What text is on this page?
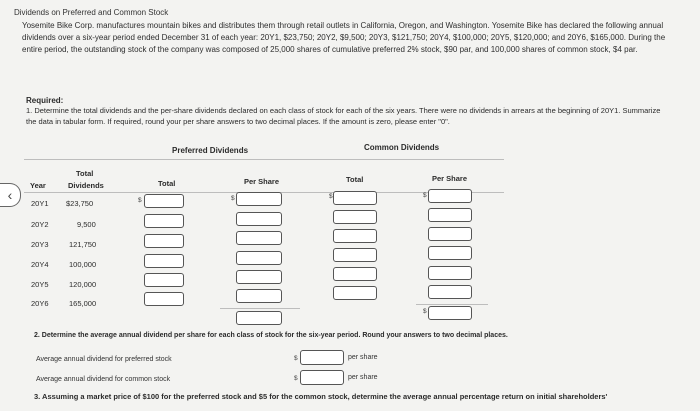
Dividends on Preferred and Common Stock
Yosemite Bike Corp. manufactures mountain bikes and distributes them through retail outlets in California, Oregon, and Washington. Yosemite Bike has declared the following annual dividends over a six-year period ended December 31 of each year: 20Y1, $23,750; 20Y2, $9,500; 20Y3, $121,750; 20Y4, $100,000; 20Y5, $120,000; and 20Y6, $165,000. During the entire period, the outstanding stock of the company was composed of 25,000 shares of cumulative preferred 2% stock, $90 par, and 100,000 shares of common stock, $4 par.
Required:
1. Determine the total dividends and the per-share dividends declared on each class of stock for each of the six years. There were no dividends in arrears at the beginning of 20Y1. Summarize the data in tabular form. If required, round your per share answers to two decimal places. If the amount is zero, please enter "0".
‹
Preferred Dividends	Common Dividends
Total
Year	Dividends	Total	Per Share	Total	Per Share
20Y1 $23,750
20Y2	9,500
20Y3	121,750
20Y4	100,000
20Y5	120,000
20Y6	165,000
$	$	$	$
$
2. Determine the average annual dividend per share for each class of stock for the six-year period. Round your answers to two decimal places.
Average annual dividend for preferred stock	$	per share
Average annual dividend for common stock	$	per share
3. Assuming a market price of $100 for the preferred stock and $5 for the common stock, determine the average annual percentage return on initial shareholders'
